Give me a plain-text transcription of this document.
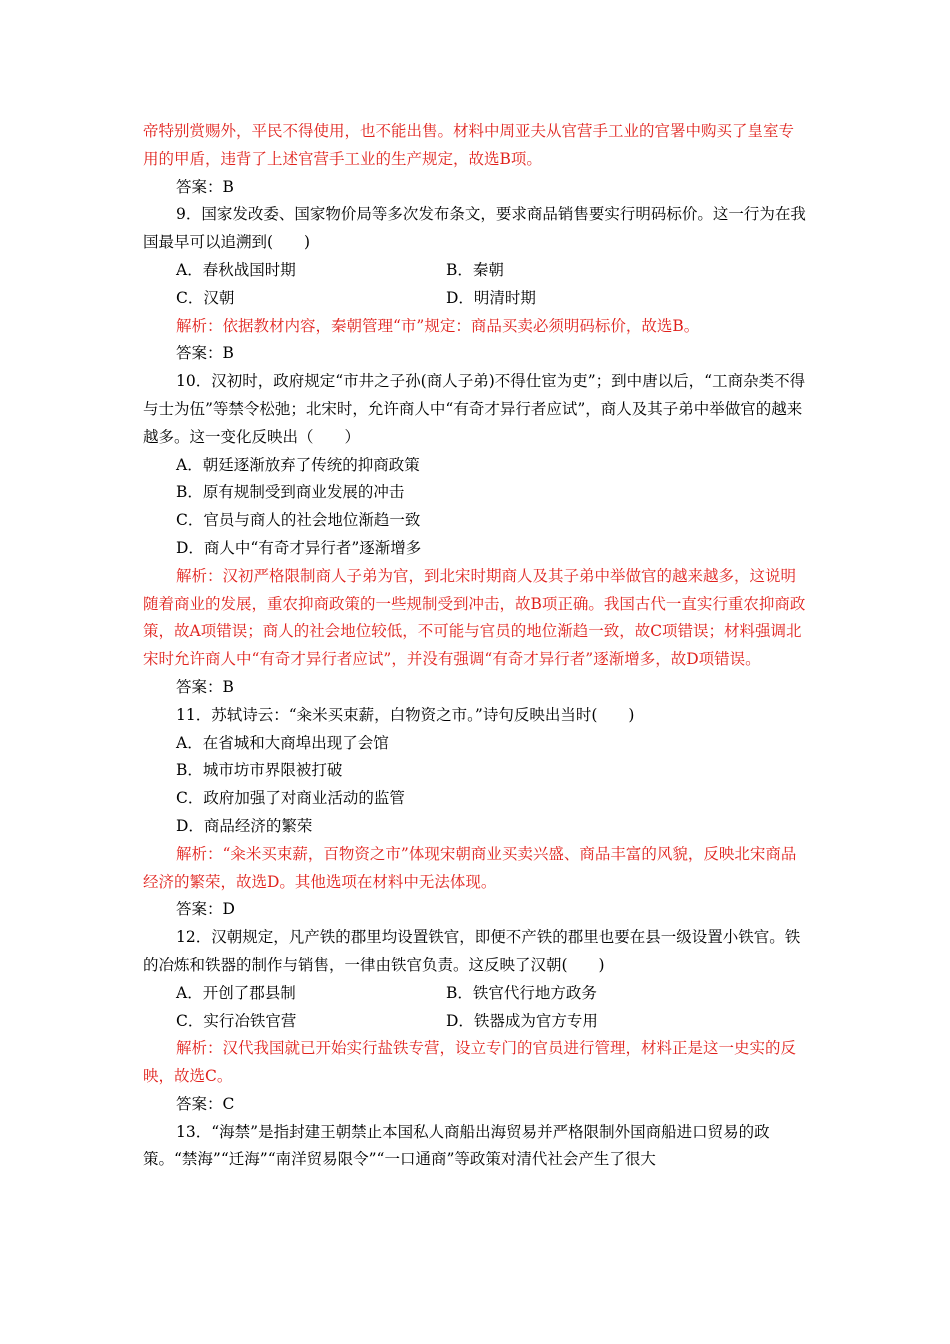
帝特别赏赐外，平民不得使用，也不能出售。材料中周亚夫从官营手工业的官署中购买了皇室专用的甲盾，违背了上述官营手工业的生产规定，故选B项。

答案：B

9．国家发改委、国家物价局等多次发布条文，要求商品销售要实行明码标价。这一行为在我国最早可以追溯到(　　)

A．春秋战国时期	B．秦朝
C．汉朝	D．明清时期

解析：依据教材内容，秦朝管理“市”规定：商品买卖必须明码标价，故选B。

答案：B

10．汉初时，政府规定“市井之子孙(商人子弟)不得仕宦为吏”；到中唐以后，“工商杂类不得与士为伍”等禁令松弛；北宋时，允许商人中“有奇才异行者应试”，商人及其子弟中举做官的越来越多。这一变化反映出（　　）

A．朝廷逐渐放弃了传统的抑商政策
B．原有规制受到商业发展的冲击
C．官员与商人的社会地位渐趋一致
D．商人中“有奇才异行者”逐渐增多

解析：汉初严格限制商人子弟为官，到北宋时期商人及其子弟中举做官的越来越多，这说明随着商业的发展，重农抑商政策的一些规制受到冲击，故B项正确。我国古代一直实行重农抑商政策，故A项错误；商人的社会地位较低，不可能与官员的地位渐趋一致，故C项错误；材料强调北宋时允许商人中“有奇才异行者应试”，并没有强调“有奇才异行者”逐渐增多，故D项错误。

答案：B

11．苏轼诗云：“籴米买束薪，白物资之市。”诗句反映出当时(　　)

A．在省城和大商埠出现了会馆
B．城市坊市界限被打破
C．政府加强了对商业活动的监管
D．商品经济的繁荣

解析：“籴米买束薪，百物资之市”体现宋朝商业买卖兴盛、商品丰富的风貌，反映北宋商品经济的繁荣，故选D。其他选项在材料中无法体现。

答案：D

12．汉朝规定，凡产铁的郡里均设置铁官，即便不产铁的郡里也要在县一级设置小铁官。铁的冶炼和铁器的制作与销售，一律由铁官负责。这反映了汉朝(　　)

A．开创了郡县制	B．铁官代行地方政务
C．实行冶铁官营	D．铁器成为官方专用

解析：汉代我国就已开始实行盐铁专营，设立专门的官员进行管理，材料正是这一史实的反映，故选C。

答案：C

13．“海禁”是指封建王朝禁止本国私人商船出海贸易并严格限制外国商船进口贸易的政策。“禁海”“迁海”“南洋贸易限令”“一口通商”等政策对清代社会产生了很大
